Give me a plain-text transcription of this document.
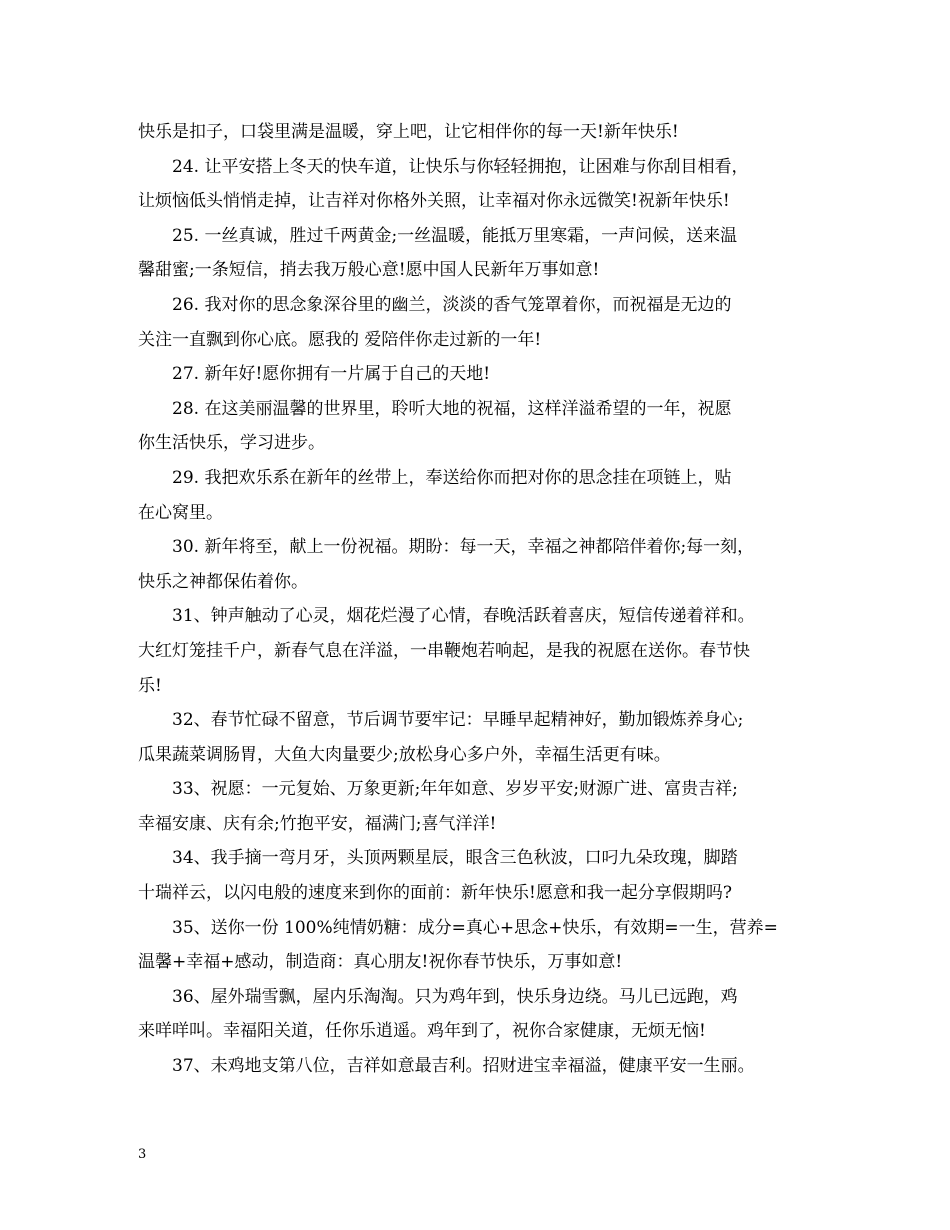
快乐是扣子，口袋里满是温暖，穿上吧，让它相伴你的每一天!新年快乐!
24. 让平安搭上冬天的快车道，让快乐与你轻轻拥抱，让困难与你刮目相看，
让烦恼低头悄悄走掉，让吉祥对你格外关照，让幸福对你永远微笑!祝新年快乐!
25. 一丝真诚，胜过千两黄金;一丝温暖，能抵万里寒霜，一声问候，送来温
馨甜蜜;一条短信，捎去我万般心意!愿中国人民新年万事如意!
26. 我对你的思念象深谷里的幽兰，淡淡的香气笼罩着你，而祝福是无边的
关注一直飘到你心底。愿我的 爱陪伴你走过新的一年!
27. 新年好!愿你拥有一片属于自己的天地!
28. 在这美丽温馨的世界里，聆听大地的祝福，这样洋溢希望的一年，祝愿
你生活快乐，学习进步。
29. 我把欢乐系在新年的丝带上，奉送给你而把对你的思念挂在项链上，贴
在心窝里。
30. 新年将至，献上一份祝福。期盼：每一天，幸福之神都陪伴着你;每一刻，
快乐之神都保佑着你。
31、钟声触动了心灵，烟花烂漫了心情，春晚活跃着喜庆，短信传递着祥和。
大红灯笼挂千户，新春气息在洋溢，一串鞭炮若响起，是我的祝愿在送你。春节快
乐!
32、春节忙碌不留意，节后调节要牢记：早睡早起精神好，勤加锻炼养身心;
瓜果蔬菜调肠胃，大鱼大肉量要少;放松身心多户外，幸福生活更有味。
33、祝愿：一元复始、万象更新;年年如意、岁岁平安;财源广进、富贵吉祥;
幸福安康、庆有余;竹抱平安，福满门;喜气洋洋!
34、我手摘一弯月牙，头顶两颗星辰，眼含三色秋波，口叼九朵玫瑰，脚踏
十瑞祥云，以闪电般的速度来到你的面前：新年快乐!愿意和我一起分享假期吗?
35、送你一份 100%纯情奶糖：成分=真心+思念+快乐，有效期=一生，营养=
温馨+幸福+感动，制造商：真心朋友!祝你春节快乐，万事如意!
36、屋外瑞雪飘，屋内乐淘淘。只为鸡年到，快乐身边绕。马儿已远跑，鸡
来咩咩叫。幸福阳关道，任你乐逍遥。鸡年到了，祝你合家健康，无烦无恼!
37、未鸡地支第八位，吉祥如意最吉利。招财进宝幸福溢，健康平安一生丽。
3
